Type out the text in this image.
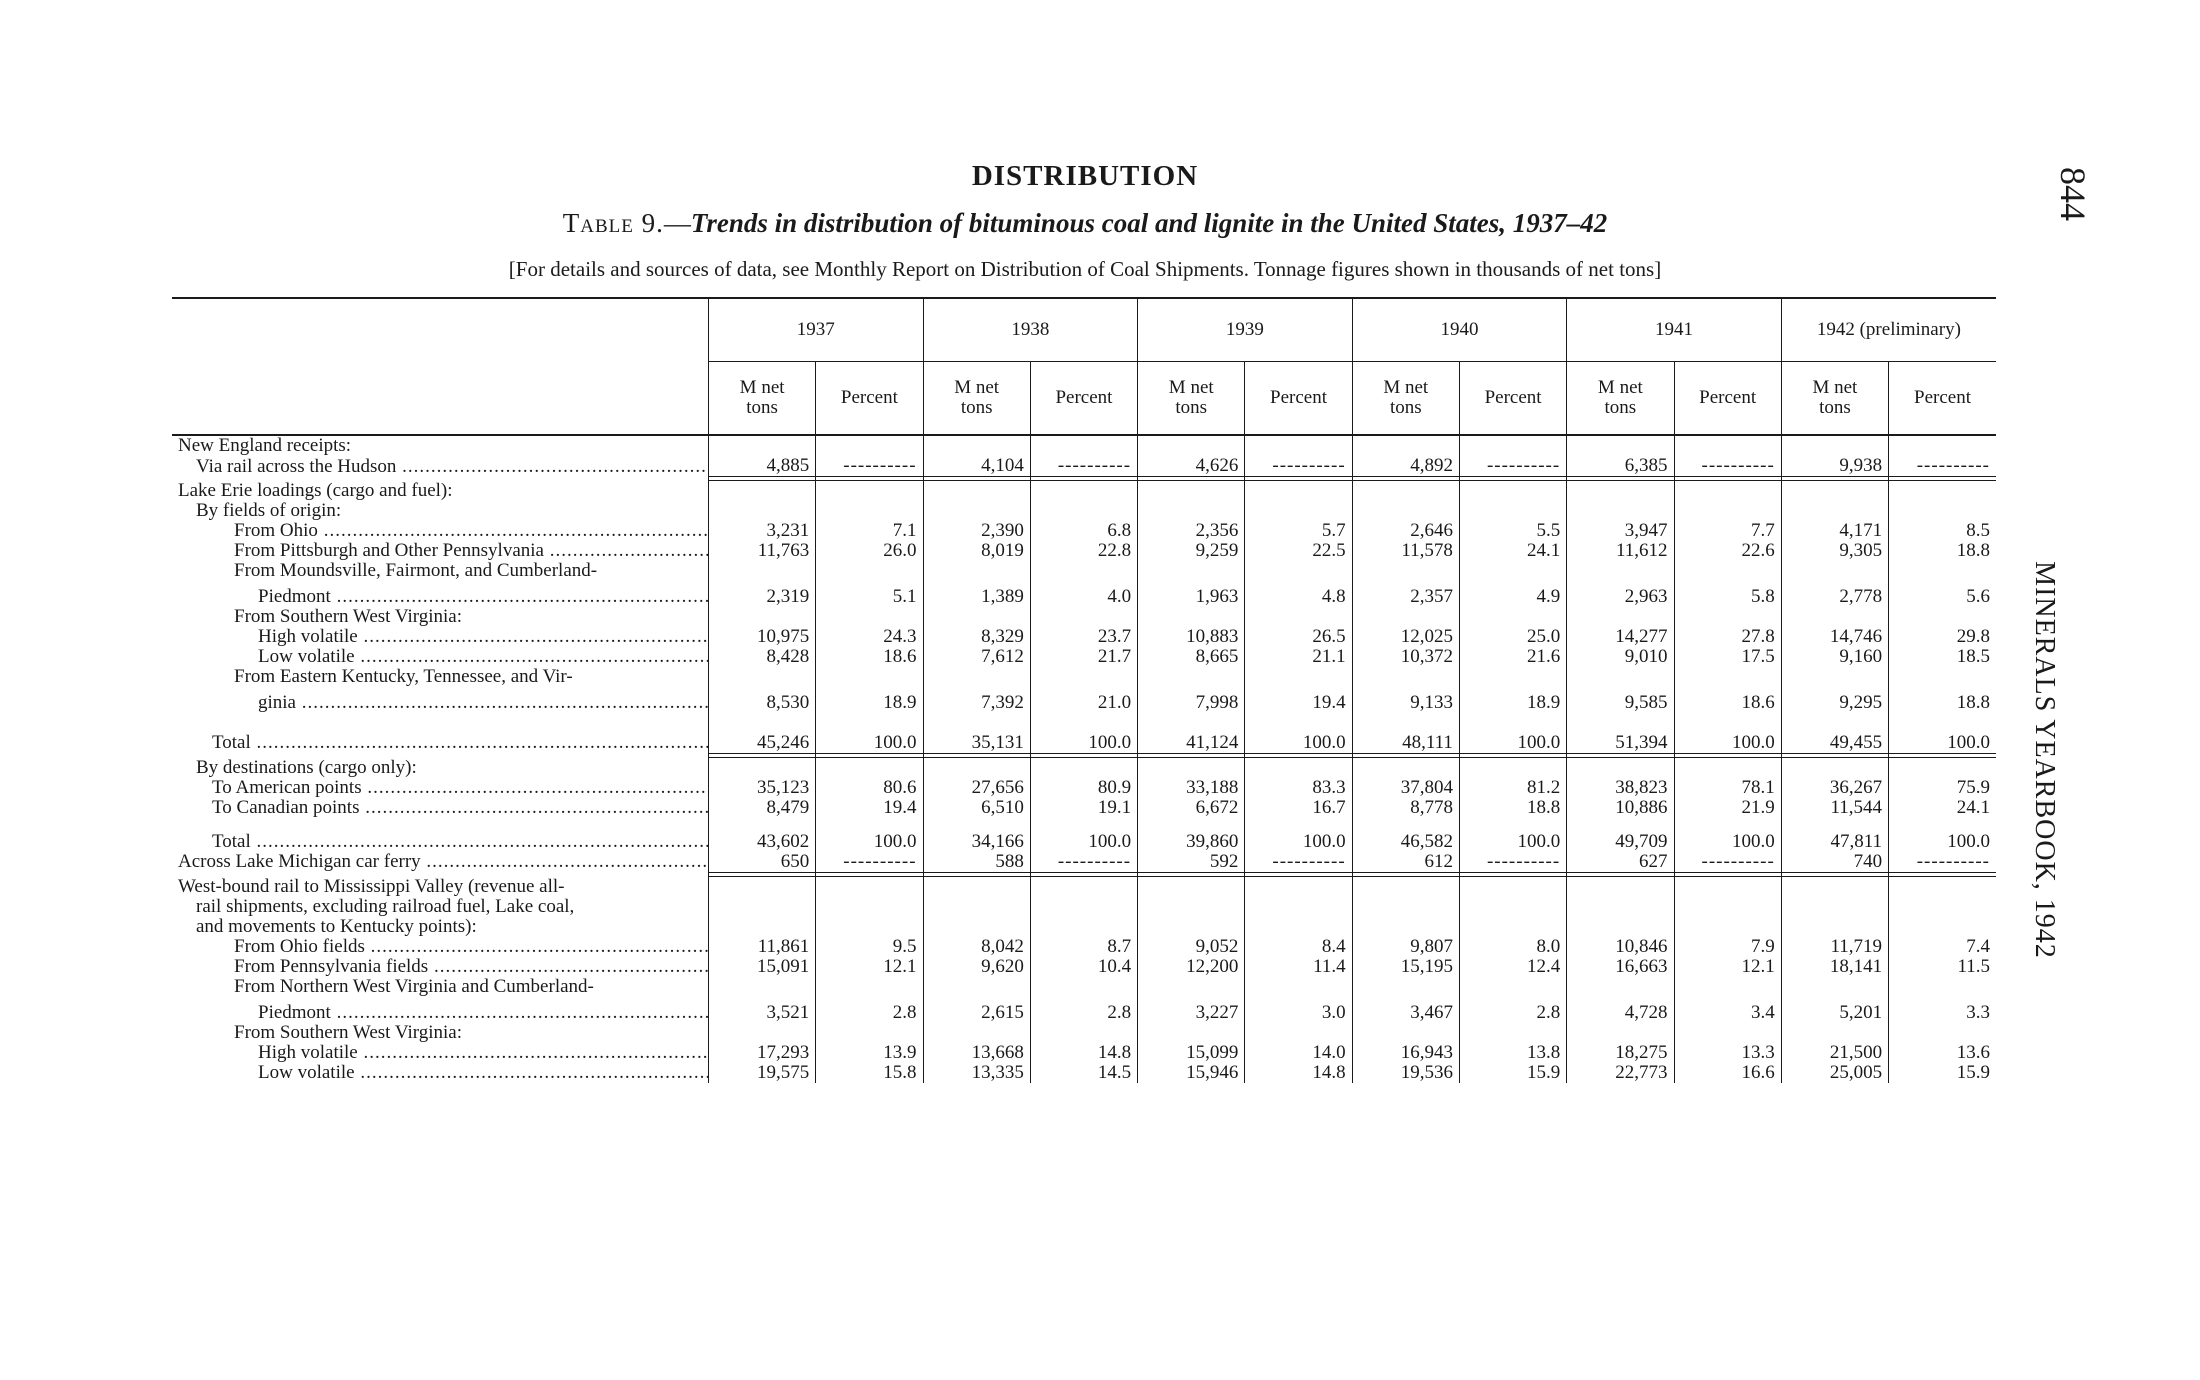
DISTRIBUTION
Table 9.—Trends in distribution of bituminous coal and lignite in the United States, 1937–42
[For details and sources of data, see Monthly Report on Distribution of Coal Shipments. Tonnage figures shown in thousands of net tons]
844
MINERALS YEARBOOK, 1942

	1937		1938		1939		1940		1941		1942 (preliminary)	
	M net
tons	Percent	M net
tons	Percent	M net
tons	Percent	M net
tons	Percent	M net
tons	Percent	M net
tons	Percent
New England receipts:												
Via rail across the Hudson .....	4,885	-----	4,104	-----	4,626	-----	4,892	-----	6,385	-----	9,938	-----

Lake Erie loadings (cargo and fuel):												
By fields of origin:												
From Ohio .....	3,231	7.1	2,390	6.8	2,356	5.7	2,646	5.5	3,947	7.7	4,171	8.5
From Pittsburgh and Other Pennsylvania .....	11,763	26.0	8,019	22.8	9,259	22.5	11,578	24.1	11,612	22.6	9,305	18.8
From Moundsville, Fairmont, and Cumberland-												
Piedmont .....	2,319	5.1	1,389	4.0	1,963	4.8	2,357	4.9	2,963	5.8	2,778	5.6
From Southern West Virginia:												
High volatile .....	10,975	24.3	8,329	23.7	10,883	26.5	12,025	25.0	14,277	27.8	14,746	29.8
Low volatile .....	8,428	18.6	7,612	21.7	8,665	21.1	10,372	21.6	9,010	17.5	9,160	18.5
From Eastern Kentucky, Tennessee, and Vir-												
ginia .....	8,530	18.9	7,392	21.0	7,998	19.4	9,133	18.9	9,585	18.6	9,295	18.8

Total .....	45,246	100.0	35,131	100.0	41,124	100.0	48,111	100.0	51,394	100.0	49,455	100.0

By destinations (cargo only):												
To American points .....	35,123	80.6	27,656	80.9	33,188	83.3	37,804	81.2	38,823	78.1	36,267	75.9
To Canadian points .....	8,479	19.4	6,510	19.1	6,672	16.7	8,778	18.8	10,886	21.9	11,544	24.1

Total .....	43,602	100.0	34,166	100.0	39,860	100.0	46,582	100.0	49,709	100.0	47,811	100.0
Across Lake Michigan car ferry .....	650	-----	588	-----	592	-----	612	-----	627	-----	740	-----

West-bound rail to Mississippi Valley (revenue all-												
rail shipments, excluding railroad fuel, Lake coal,												
and movements to Kentucky points):												
From Ohio fields .....	11,861	9.5	8,042	8.7	9,052	8.4	9,807	8.0	10,846	7.9	11,719	7.4
From Pennsylvania fields .....	15,091	12.1	9,620	10.4	12,200	11.4	15,195	12.4	16,663	12.1	18,141	11.5
From Northern West Virginia and Cumberland-												
Piedmont .....	3,521	2.8	2,615	2.8	3,227	3.0	3,467	2.8	4,728	3.4	5,201	3.3
From Southern West Virginia:												
High volatile .....	17,293	13.9	13,668	14.8	15,099	14.0	16,943	13.8	18,275	13.3	21,500	13.6
Low volatile .....	19,575	15.8	13,335	14.5	15,946	14.8	19,536	15.9	22,773	16.6	25,005	15.9
